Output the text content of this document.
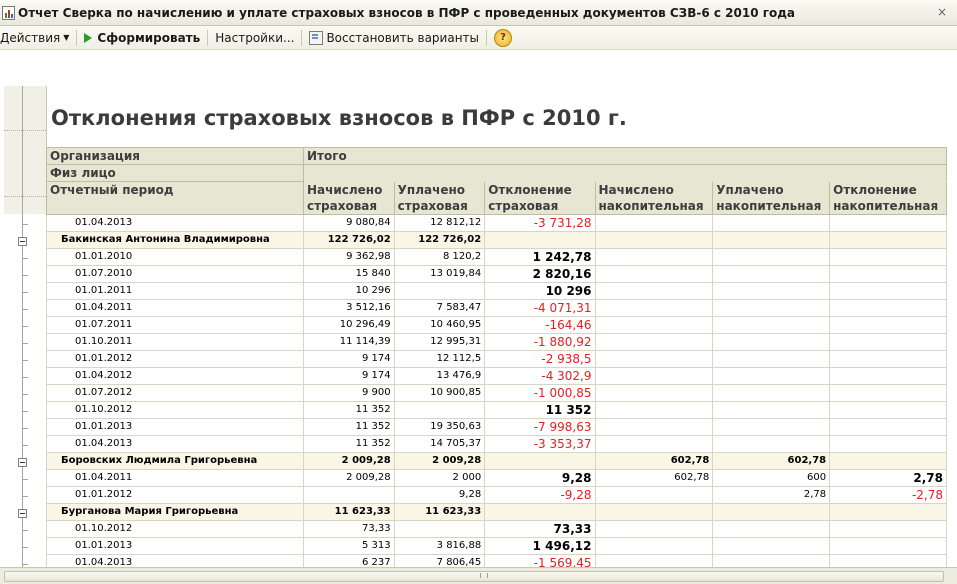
Отчет Сверка по начислению и уплате страховых взносов в ПФР с проведенных документов СЗВ-6 с 2010 года	×
Действия ▼ Сформировать Настройки...	Восстановить варианты	?
Отклонения страховых взносов в ПФР с 2010 г.
Организация	Итого					
Физ лицо						
Отчетный период	Начислено страховая	Уплачено страховая	Отклонение страховая	Начислено накопительная	Уплачено накопительная	Отклонение накопительная
01.04.2013	9 080,84	12 812,12	-3 731,28			
Бакинская Антонина Владимировна	122 726,02	122 726,02				
01.01.2010	9 362,98	8 120,2	1 242,78			
01.07.2010	15 840	13 019,84	2 820,16			
01.01.2011	10 296		10 296			
01.04.2011	3 512,16	7 583,47	-4 071,31			
01.07.2011	10 296,49	10 460,95	-164,46			
01.10.2011	11 114,39	12 995,31	-1 880,92			
01.01.2012	9 174	12 112,5	-2 938,5			
01.04.2012	9 174	13 476,9	-4 302,9			
01.07.2012	9 900	10 900,85	-1 000,85			
01.10.2012	11 352		11 352			
01.01.2013	11 352	19 350,63	-7 998,63			
01.04.2013	11 352	14 705,37	-3 353,37			
Боровских Людмила Григорьевна	2 009,28	2 009,28		602,78	602,78	
01.04.2011	2 009,28	2 000	9,28	602,78	600	2,78
01.01.2012		9,28	-9,28		2,78	-2,78
Бурганова Мария Григорьевна	11 623,33	11 623,33				
01.10.2012	73,33		73,33			
01.01.2013	5 313	3 816,88	1 496,12			
01.04.2013	6 237	7 806,45	-1 569,45			
